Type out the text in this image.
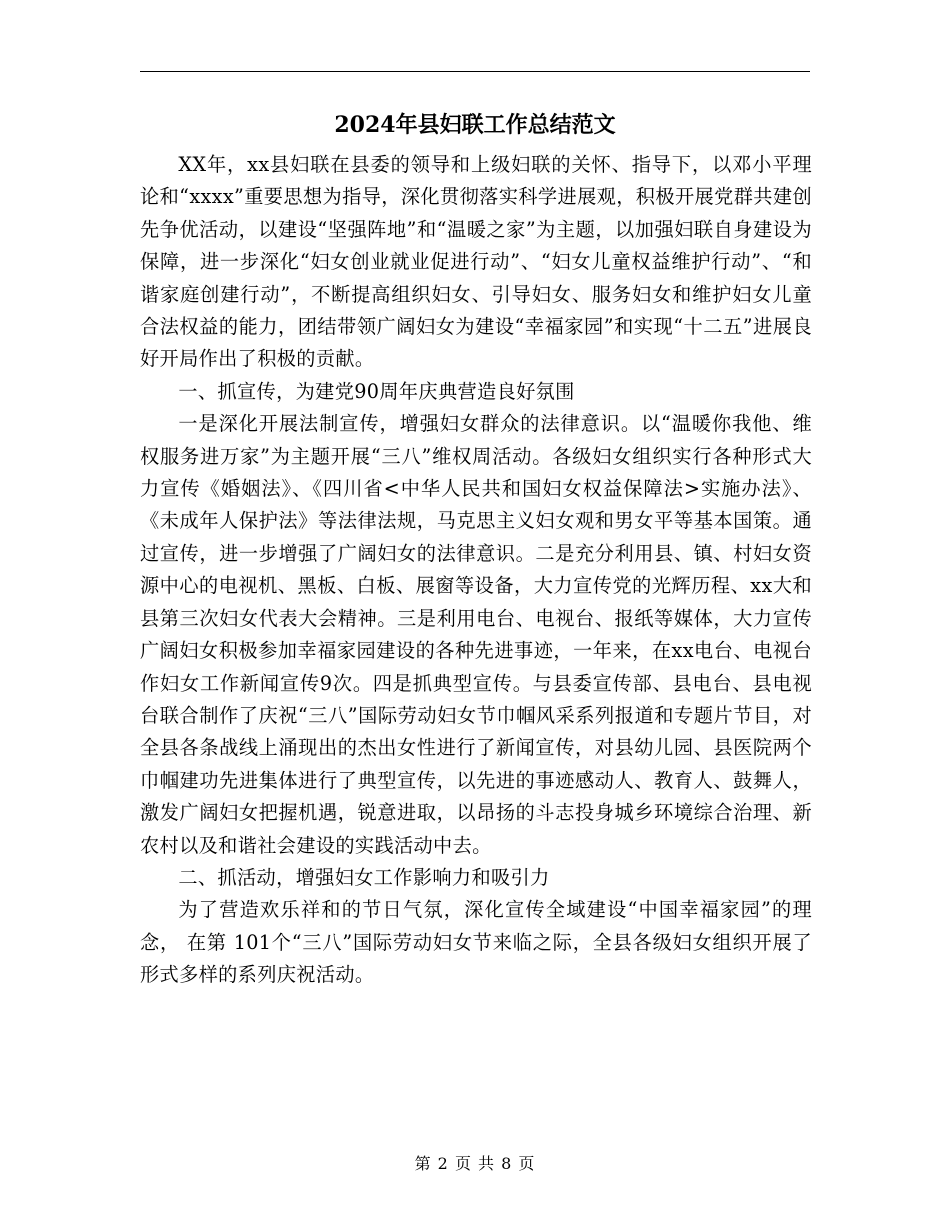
2024年县妇联工作总结范文

XX年，xx县妇联在县委的领导和上级妇联的关怀、指导下，以邓小平理论和“xxxx”重要思想为指导，深化贯彻落实科学进展观，积极开展党群共建创先争优活动，以建设“坚强阵地”和“温暖之家”为主题，以加强妇联自身建设为保障，进一步深化“妇女创业就业促进行动”、“妇女儿童权益维护行动”、“和谐家庭创建行动”，不断提高组织妇女、引导妇女、服务妇女和维护妇女儿童合法权益的能力，团结带领广阔妇女为建设“幸福家园”和实现“十二五”进展良好开局作出了积极的贡献。

一、抓宣传，为建党90周年庆典营造良好氛围

一是深化开展法制宣传，增强妇女群众的法律意识。以“温暖你我他、维权服务进万家”为主题开展“三八”维权周活动。各级妇女组织实行各种形式大力宣传《婚姻法》、《四川省<中华人民共和国妇女权益保障法>实施办法》、《未成年人保护法》等法律法规，马克思主义妇女观和男女平等基本国策。通过宣传，进一步增强了广阔妇女的法律意识。二是充分利用县、镇、村妇女资源中心的电视机、黑板、白板、展窗等设备，大力宣传党的光辉历程、xx大和县第三次妇女代表大会精神。三是利用电台、电视台、报纸等媒体，大力宣传广阔妇女积极参加幸福家园建设的各种先进事迹，一年来，在xx电台、电视台作妇女工作新闻宣传9次。四是抓典型宣传。与县委宣传部、县电台、县电视台联合制作了庆祝“三八”国际劳动妇女节巾帼风采系列报道和专题片节目，对全县各条战线上涌现出的杰出女性进行了新闻宣传，对县幼儿园、县医院两个巾帼建功先进集体进行了典型宣传，以先进的事迹感动人、教育人、鼓舞人，激发广阔妇女把握机遇，锐意进取，以昂扬的斗志投身城乡环境综合治理、新农村以及和谐社会建设的实践活动中去。

二、抓活动，增强妇女工作影响力和吸引力

为了营造欢乐祥和的节日气氛，深化宣传全域建设“中国幸福家园”的理念， 在第 101个“三八”国际劳动妇女节来临之际，全县各级妇女组织开展了形式多样的系列庆祝活动。

第 2 页 共 8 页
